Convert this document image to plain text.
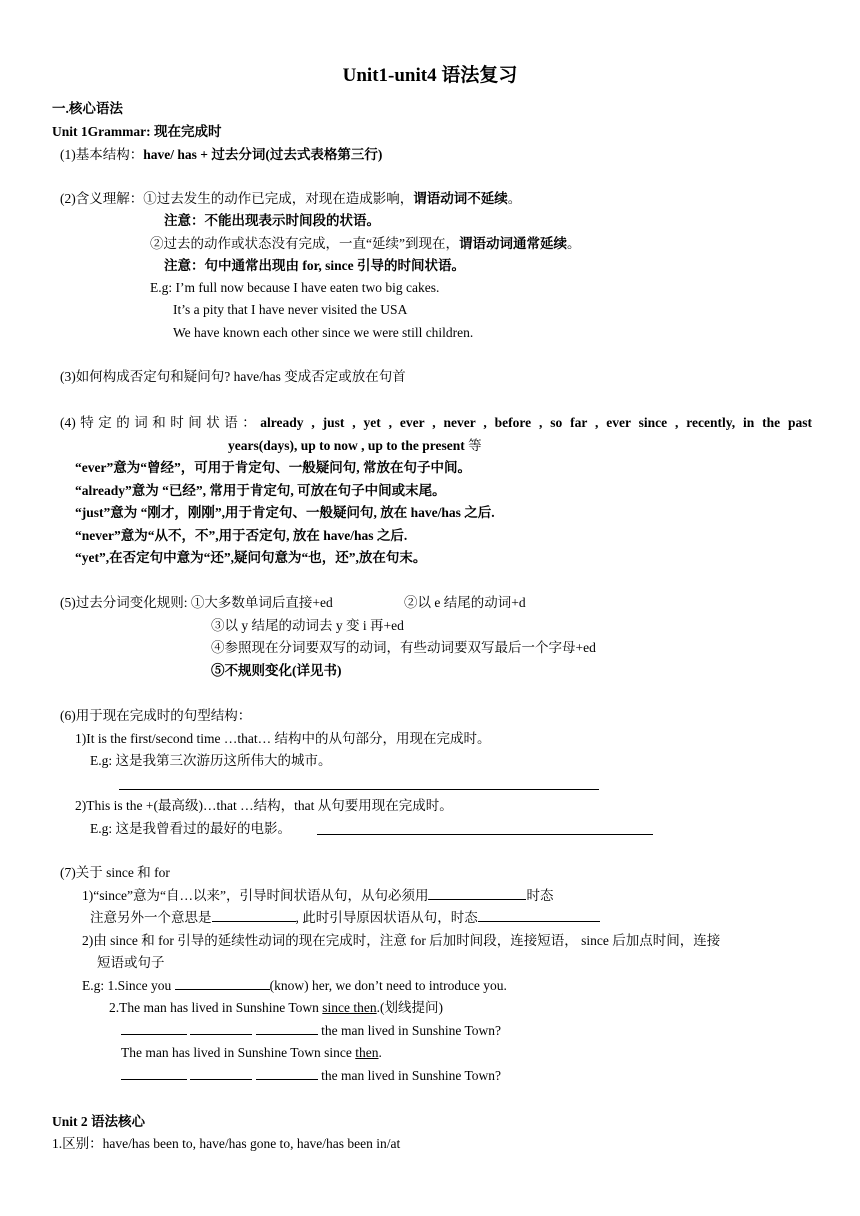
Unit1-unit4 语法复习
一.核心语法
Unit 1Grammar: 现在完成时
(1)基本结构：have/ has + 过去分词(过去式表格第三行)
(2)含义理解：①过去发生的动作已完成，对现在造成影响，谓语动词不延续。
注意：不能出现表示时间段的状语。
②过去的动作或状态没有完成，一直“延续”到现在，谓语动词通常延续。
注意：句中通常出现由 for, since 引导的时间状语。
E.g: I’m full now because I have eaten two big cakes.
It’s a pity that I have never visited the USA
We have known each other since we were still children.
(3)如何构成否定句和疑问句? have/has 变成否定或放在句首
(4)特定的词和时间状语：already , just , yet , ever , never , before , so far , ever since , recently, in the past
years(days), up to now , up to the present 等
“ever”意为“曾经”，可用于肯定句、一般疑问句, 常放在句子中间。
“already”意为 “已经”, 常用于肯定句, 可放在句子中间或末尾。
“just”意为 “刚才，刚刚”,用于肯定句、一般疑问句, 放在 have/has 之后.
“never”意为“从不，不”,用于否定句, 放在 have/has 之后.
“yet”,在否定句中意为“还”,疑问句意为“也，还”,放在句末。
(5)过去分词变化规则: ①大多数单词后直接+ed	②以 e 结尾的动词+d
③以 y 结尾的动词去 y 变 i 再+ed
④参照现在分词要双写的动词，有些动词要双写最后一个字母+ed
⑤不规则变化(详见书)
(6)用于现在完成时的句型结构：
1)It is the first/second time …that… 结构中的从句部分，用现在完成时。
E.g: 这是我第三次游历这所伟大的城市。
2)This is the +(最高级)…that …结构，that 从句要用现在完成时。
E.g: 这是我曾看过的最好的电影。
(7)关于 since 和 for
1)“since”意为“自…以来”，引导时间状语从句，从句必须用	时态
注意另外一个意思是	, 此时引导原因状语从句，时态
2)由 since 和 for 引导的延续性动词的现在完成时，注意 for 后加时间段，连接短语， since 后加点时间，连接
短语或句子
E.g: 1.Since you	(know) her, we don’t need to introduce you.
2.The man has lived in Sunshine Town since then.(划线提问)
the man lived in Sunshine Town?
The man has lived in Sunshine Town since then.
the man lived in Sunshine Town?
Unit 2 语法核心
1.区别：have/has been to, have/has gone to, have/has been in/at
